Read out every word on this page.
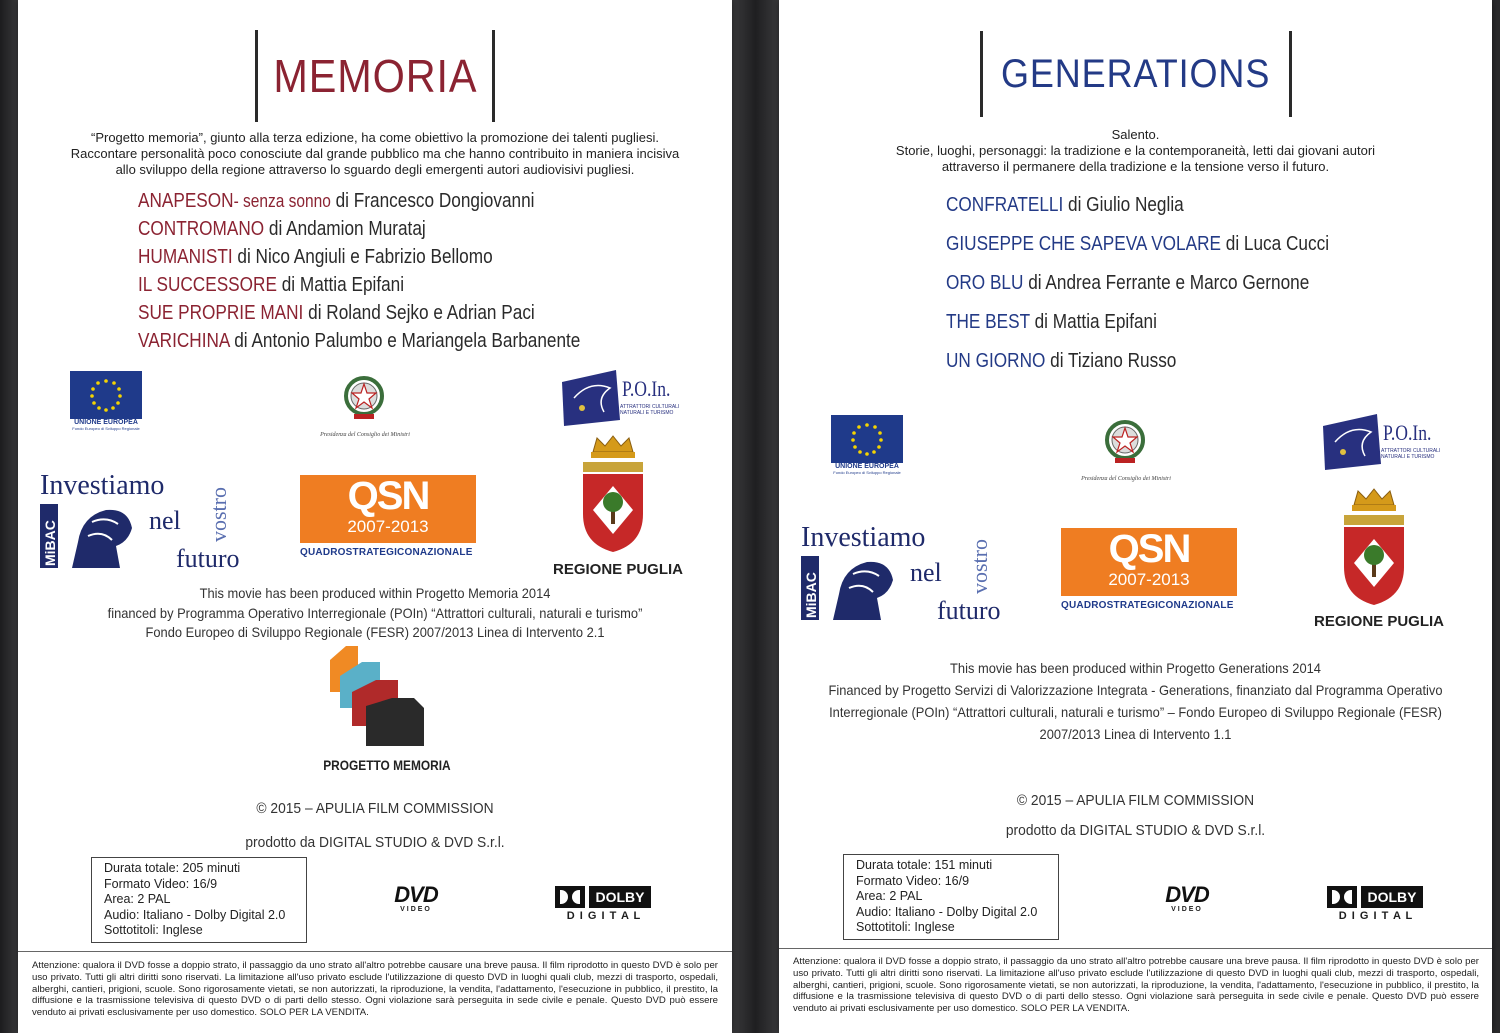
MEMORIA
“Progetto memoria”, giunto alla terza edizione, ha come obiettivo la promozione dei talenti pugliesi.
Raccontare personalità poco conosciute dal grande pubblico ma che hanno contribuito in maniera incisiva
allo sviluppo della regione attraverso lo sguardo degli emergenti autori audiovisivi pugliesi.
ANAPESON- senza sonno di Francesco Dongiovanni
CONTROMANO di Andamion Murataj
HUMANISTI di Nico Angiuli e Fabrizio Bellomo
IL SUCCESSORE di Mattia Epifani
SUE PROPRIE MANI di Roland Sejko e Adrian Paci
VARICHINA di Antonio Palumbo e Mariangela Barbanente
UNIONE EUROPEA
Fondo Europeo di Sviluppo Regionale
Presidenza del Consiglio dei Ministri
P.O.In.
ATTRATTORI CULTURALI NATURALI E TURISMO
Investiamo
nel vostro
futuro
MiBAC
QSN
2007-2013
QUADROSTRATEGICONAZIONALE
REGIONE PUGLIA
This movie has been produced within Progetto Memoria 2014
financed by Programma Operativo Interregionale (POIn) “Attrattori culturali, naturali e turismo”
Fondo Europeo di Sviluppo Regionale (FESR) 2007/2013 Linea di Intervento 2.1
PROGETTO MEMORIA
© 2015 – APULIA FILM COMMISSION
prodotto da DIGITAL STUDIO & DVD S.r.l.
Durata totale: 205 minuti
Formato Video: 16/9
Area: 2 PAL
Audio: Italiano - Dolby Digital 2.0
Sottotitoli: Inglese
DVD
VIDEO
DOLBY
D I G I T A L
Attenzione: qualora il DVD fosse a doppio strato, il passaggio da uno strato all'altro potrebbe causare una breve pausa. Il film riprodotto in questo DVD è solo per uso privato. Tutti gli altri diritti sono riservati. La limitazione all'uso privato esclude l'utilizzazione di questo DVD in luoghi quali club, mezzi di trasporto, ospedali, alberghi, cantieri, prigioni, scuole. Sono rigorosamente vietati, se non autorizzati, la riproduzione, la vendita, l'adattamento, l'esecuzione in pubblico, il prestito, la diffusione e la trasmissione televisiva di questo DVD o di parti dello stesso. Ogni violazione sarà perseguita in sede civile e penale. Questo DVD può essere venduto ai privati esclusivamente per uso domestico. SOLO PER LA VENDITA.
GENERATIONS
Salento.
Storie, luoghi, personaggi: la tradizione e la contemporaneità, letti dai giovani autori
attraverso il permanere della tradizione e la tensione verso il futuro.
CONFRATELLI di Giulio Neglia
GIUSEPPE CHE SAPEVA VOLARE di Luca Cucci
ORO BLU di Andrea Ferrante e Marco Gernone
THE BEST di Mattia Epifani
UN GIORNO di Tiziano Russo
UNIONE EUROPEA
Fondo Europeo di Sviluppo Regionale
Presidenza del Consiglio dei Ministri
P.O.In.
ATTRATTORI CULTURALI NATURALI E TURISMO
Investiamo
nel vostro
futuro
MiBAC
QSN
2007-2013
QUADROSTRATEGICONAZIONALE
REGIONE PUGLIA
This movie has been produced within Progetto Generations 2014
Financed by Progetto Servizi di Valorizzazione Integrata - Generations, finanziato dal Programma Operativo
Interregionale (POIn) “Attrattori culturali, naturali e turismo” – Fondo Europeo di Sviluppo Regionale (FESR)
2007/2013 Linea di Intervento 1.1
© 2015 – APULIA FILM COMMISSION
prodotto da DIGITAL STUDIO & DVD S.r.l.
Durata totale: 151 minuti
Formato Video: 16/9
Area: 2 PAL
Audio: Italiano - Dolby Digital 2.0
Sottotitoli: Inglese
DVD
VIDEO
DOLBY
D I G I T A L
Attenzione: qualora il DVD fosse a doppio strato, il passaggio da uno strato all'altro potrebbe causare una breve pausa. Il film riprodotto in questo DVD è solo per uso privato. Tutti gli altri diritti sono riservati. La limitazione all'uso privato esclude l'utilizzazione di questo DVD in luoghi quali club, mezzi di trasporto, ospedali, alberghi, cantieri, prigioni, scuole. Sono rigorosamente vietati, se non autorizzati, la riproduzione, la vendita, l'adattamento, l'esecuzione in pubblico, il prestito, la diffusione e la trasmissione televisiva di questo DVD o di parti dello stesso. Ogni violazione sarà perseguita in sede civile e penale. Questo DVD può essere venduto ai privati esclusivamente per uso domestico. SOLO PER LA VENDITA.
